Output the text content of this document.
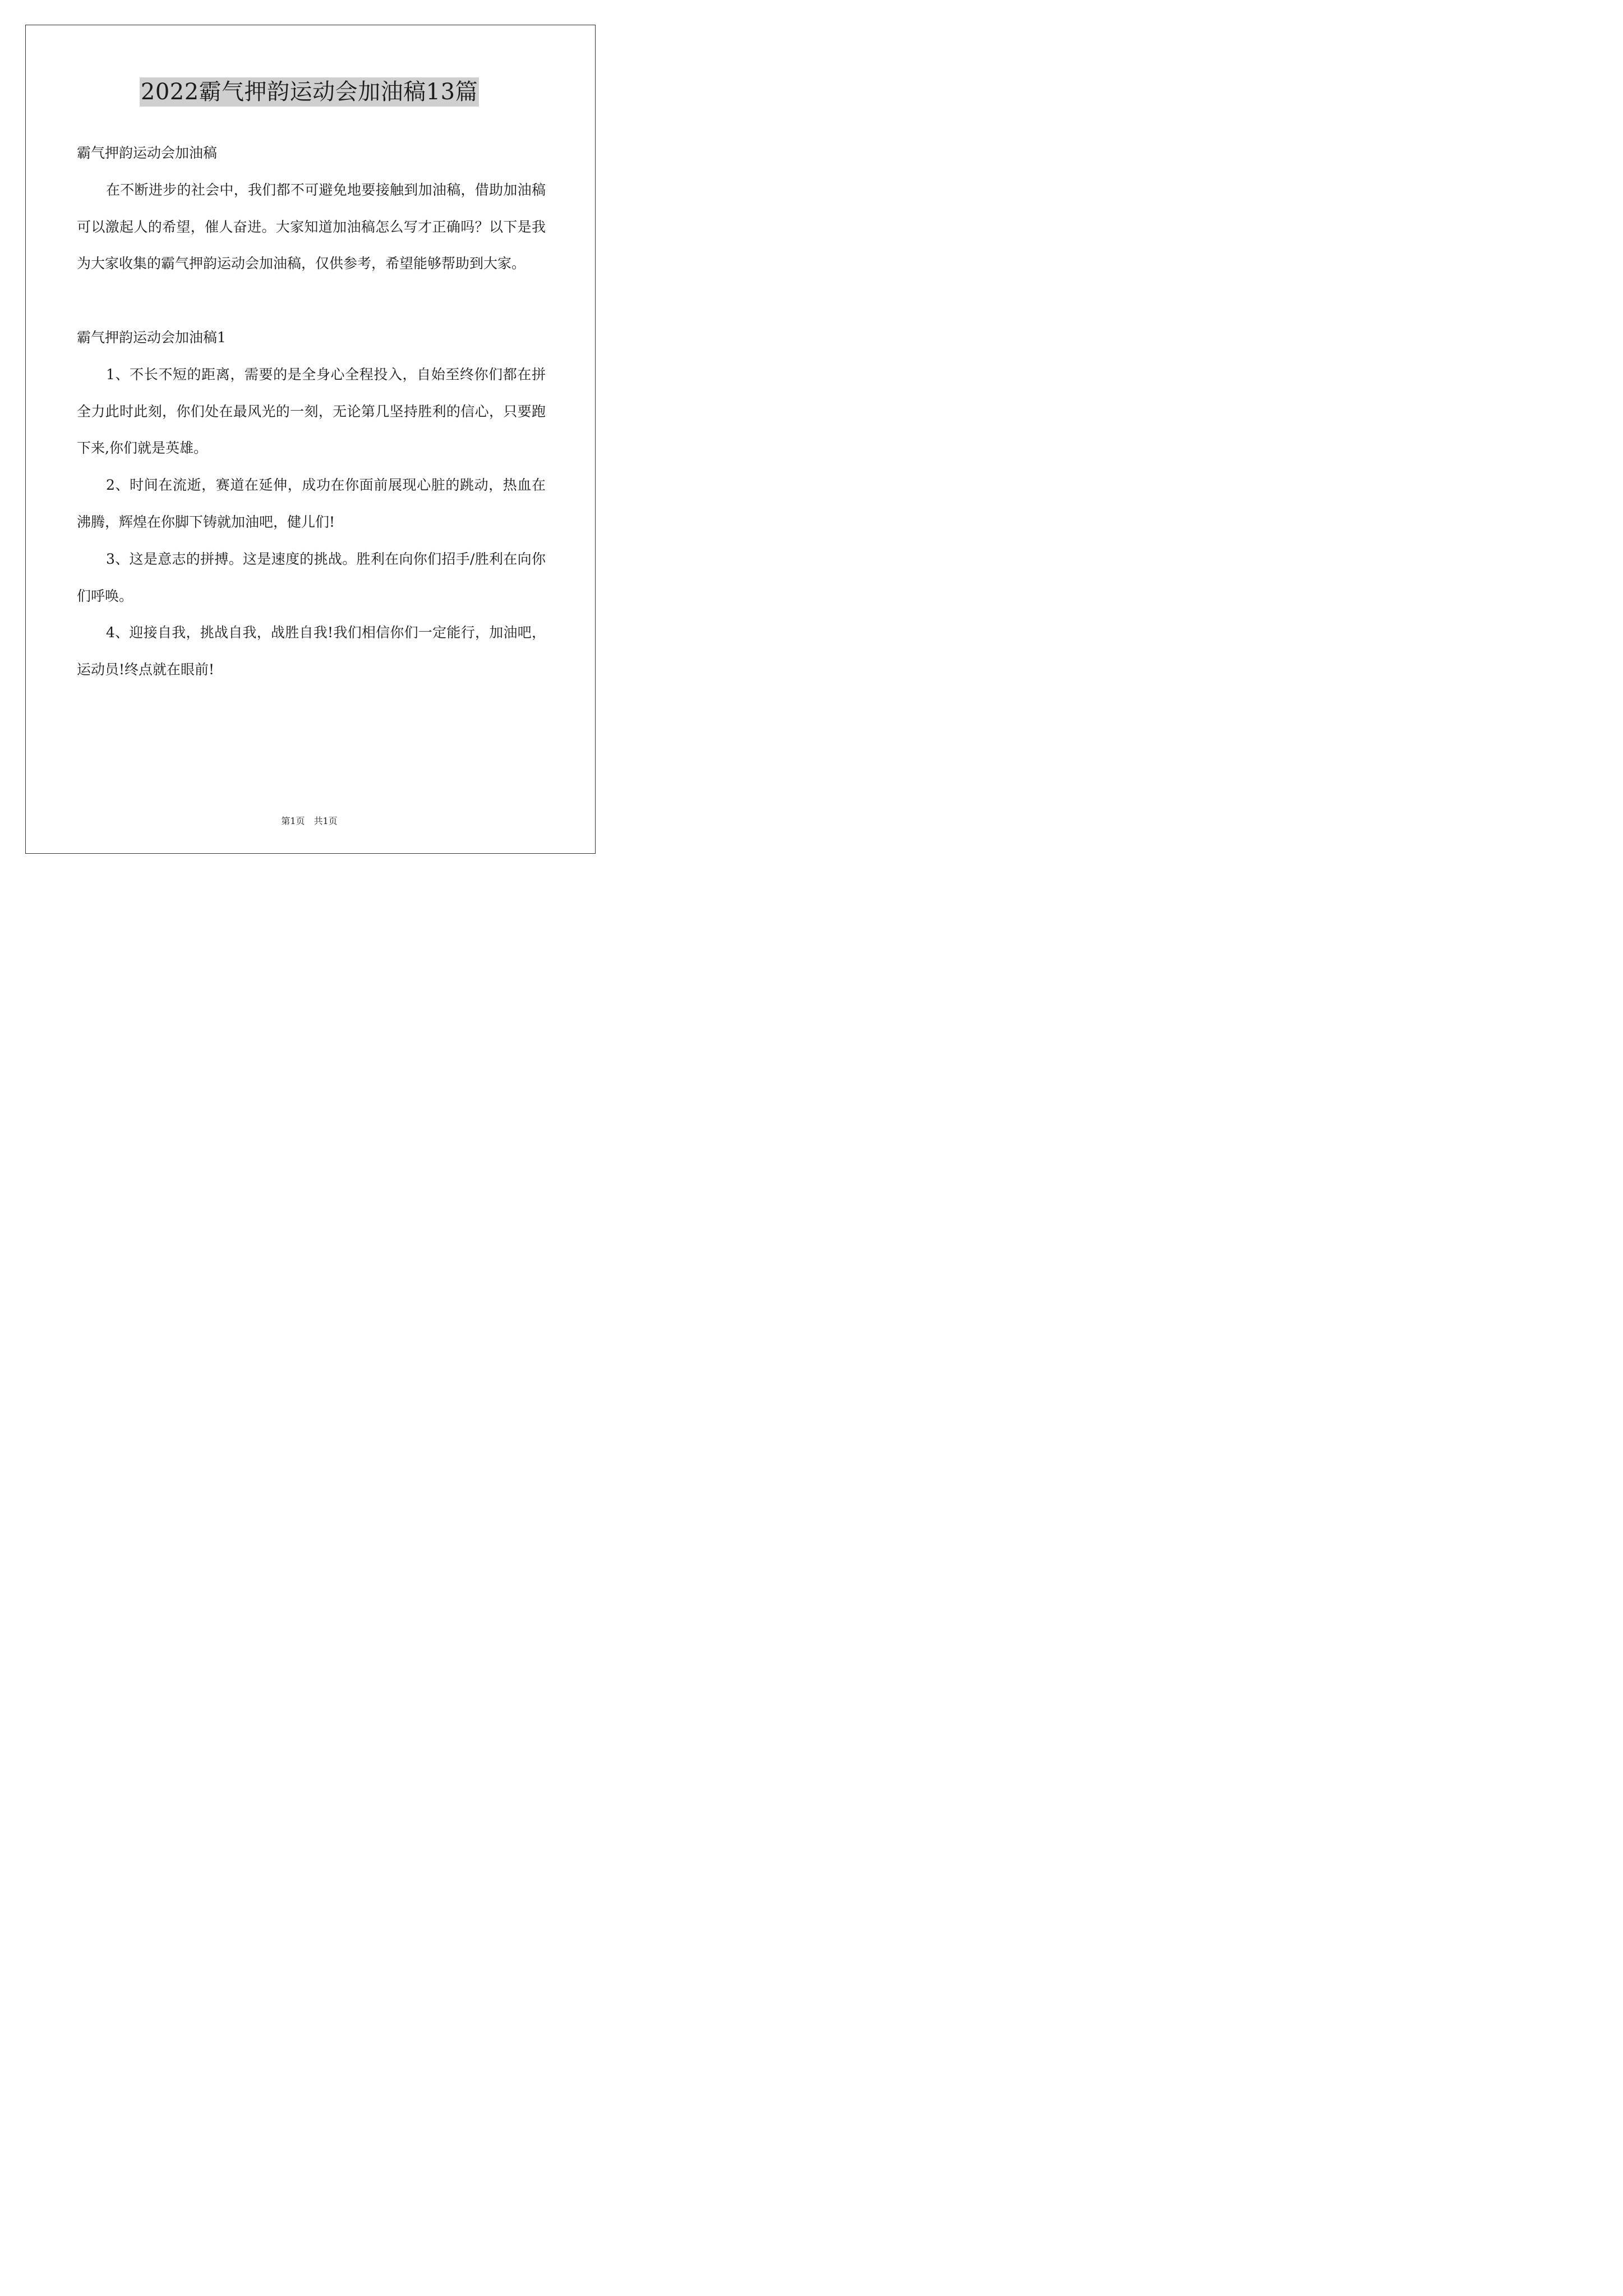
2022霸气押韵运动会加油稿13篇

霸气押韵运动会加油稿

在不断进步的社会中，我们都不可避免地要接触到加油稿，借助加油稿可以激起人的希望，催人奋进。大家知道加油稿怎么写才正确吗？以下是我为大家收集的霸气押韵运动会加油稿，仅供参考，希望能够帮助到大家。

霸气押韵运动会加油稿1

1、不长不短的距离，需要的是全身心全程投入，自始至终你们都在拼全力此时此刻，你们处在最风光的一刻，无论第几坚持胜利的信心，只要跑下来,你们就是英雄。

2、时间在流逝，赛道在延伸，成功在你面前展现心脏的跳动，热血在沸腾，辉煌在你脚下铸就加油吧，健儿们!

3、这是意志的拼搏。这是速度的挑战。胜利在向你们招手/胜利在向你们呼唤。

4、迎接自我，挑战自我，战胜自我!我们相信你们一定能行，加油吧，运动员!终点就在眼前!

第1页　共1页
